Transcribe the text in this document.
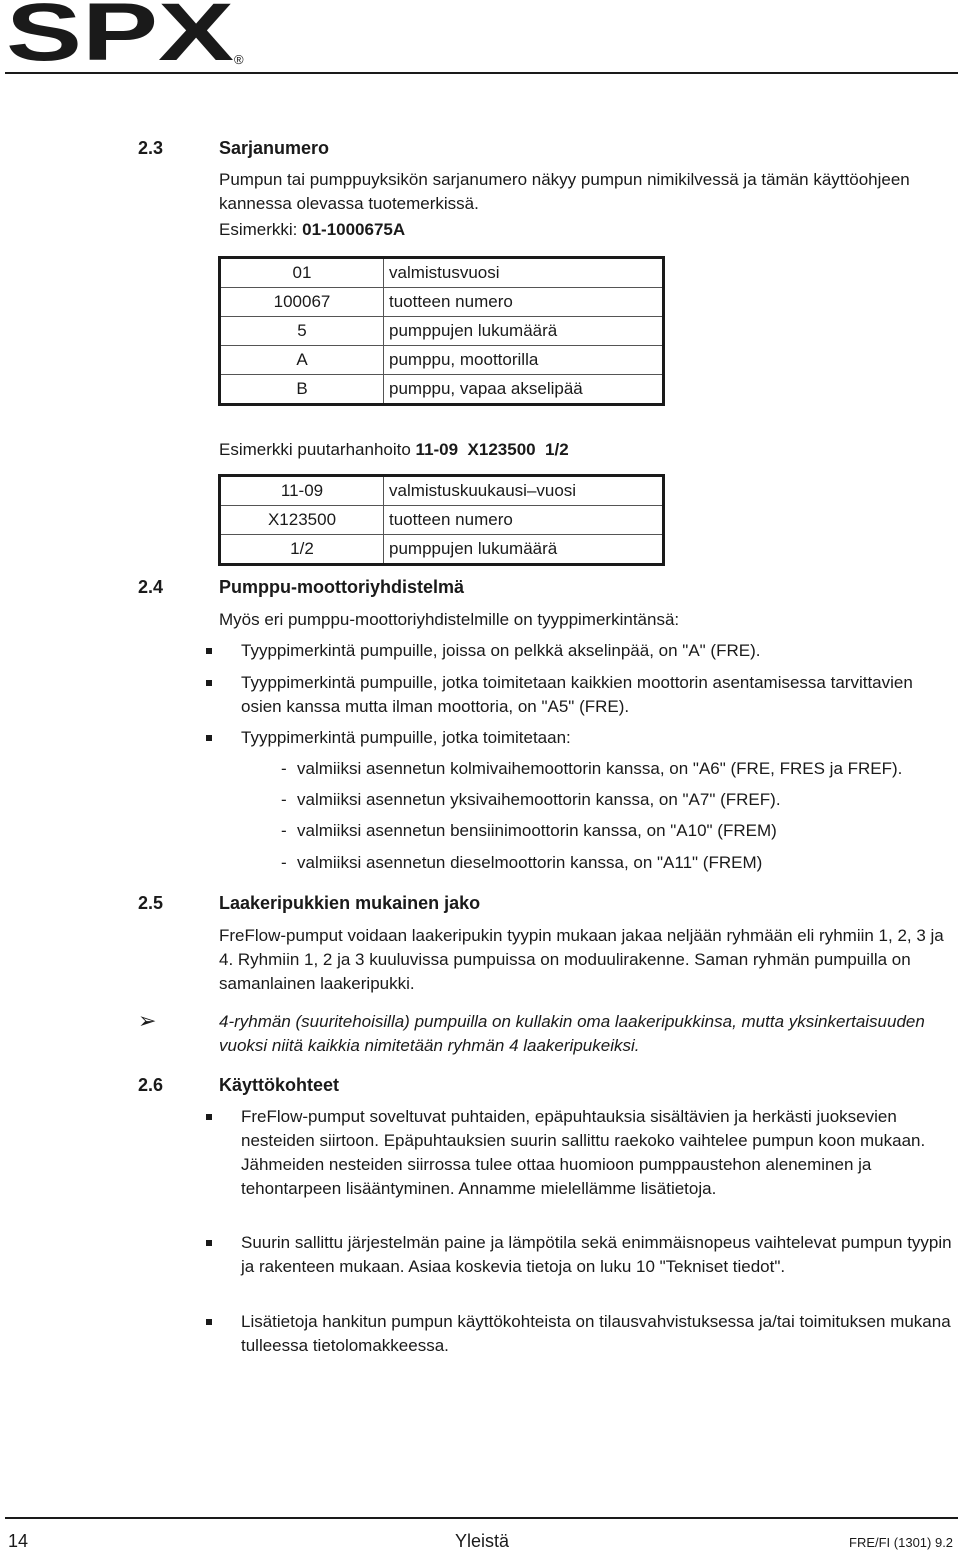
SPX ®
2.3	Sarjanumero
Pumpun tai pumppuyksikön sarjanumero näkyy pumpun nimikilvessä ja tämän käyttöohjeen kannessa olevassa tuotemerkissä.
Esimerkki: 01-1000675A
01	valmistusvuosi
100067	tuotteen numero
5	pumppujen lukumäärä
A	pumppu, moottorilla
B	pumppu, vapaa akselipää
Esimerkki puutarhanhoito 11-09  X123500  1/2
11-09	valmistuskuukausi–vuosi
X123500	tuotteen numero
1/2	pumppujen lukumäärä
2.4	Pumppu-moottoriyhdistelmä
Myös eri pumppu-moottoriyhdistelmille on tyyppimerkintänsä:
Tyyppimerkintä pumpuille, joissa on pelkkä akselinpää, on "A" (FRE).
Tyyppimerkintä pumpuille, jotka toimitetaan kaikkien moottorin asentamisessa tarvittavien osien kanssa mutta ilman moottoria, on "A5" (FRE).
Tyyppimerkintä pumpuille, jotka toimitetaan:
- valmiiksi asennetun kolmivaihemoottorin kanssa, on "A6" (FRE, FRES ja FREF).
- valmiiksi asennetun yksivaihemoottorin kanssa, on "A7" (FREF).
- valmiiksi asennetun bensiinimoottorin kanssa, on "A10" (FREM)
- valmiiksi asennetun dieselmoottorin kanssa, on "A11" (FREM)
2.5	Laakeripukkien mukainen jako
FreFlow-pumput voidaan laakeripukin tyypin mukaan jakaa neljään ryhmään eli ryhmiin 1, 2, 3 ja 4. Ryhmiin 1, 2 ja 3 kuuluvissa pumpuissa on moduulirakenne. Saman ryhmän pumpuilla on samanlainen laakeripukki.
➢	4-ryhmän (suuritehoisilla) pumpuilla on kullakin oma laakeripukkinsa, mutta yksinkertaisuuden vuoksi niitä kaikkia nimitetään ryhmän 4 laakeripukeiksi.
2.6	Käyttökohteet
FreFlow-pumput soveltuvat puhtaiden, epäpuhtauksia sisältävien ja herkästi juoksevien nesteiden siirtoon. Epäpuhtauksien suurin sallittu raekoko vaihtelee pumpun koon mukaan. Jähmeiden nesteiden siirrossa tulee ottaa huomioon pumppaustehon aleneminen ja tehontarpeen lisääntyminen. Annamme mielellämme lisätietoja.
Suurin sallittu järjestelmän paine ja lämpötila sekä enimmäisnopeus vaihtelevat pumpun tyypin ja rakenteen mukaan. Asiaa koskevia tietoja on luku 10 "Tekniset tiedot".
Lisätietoja hankitun pumpun käyttökohteista on tilausvahvistuksessa ja/tai toimituksen mukana tulleessa tietolomakkeessa.
14	Yleistä	FRE/FI (1301) 9.2
